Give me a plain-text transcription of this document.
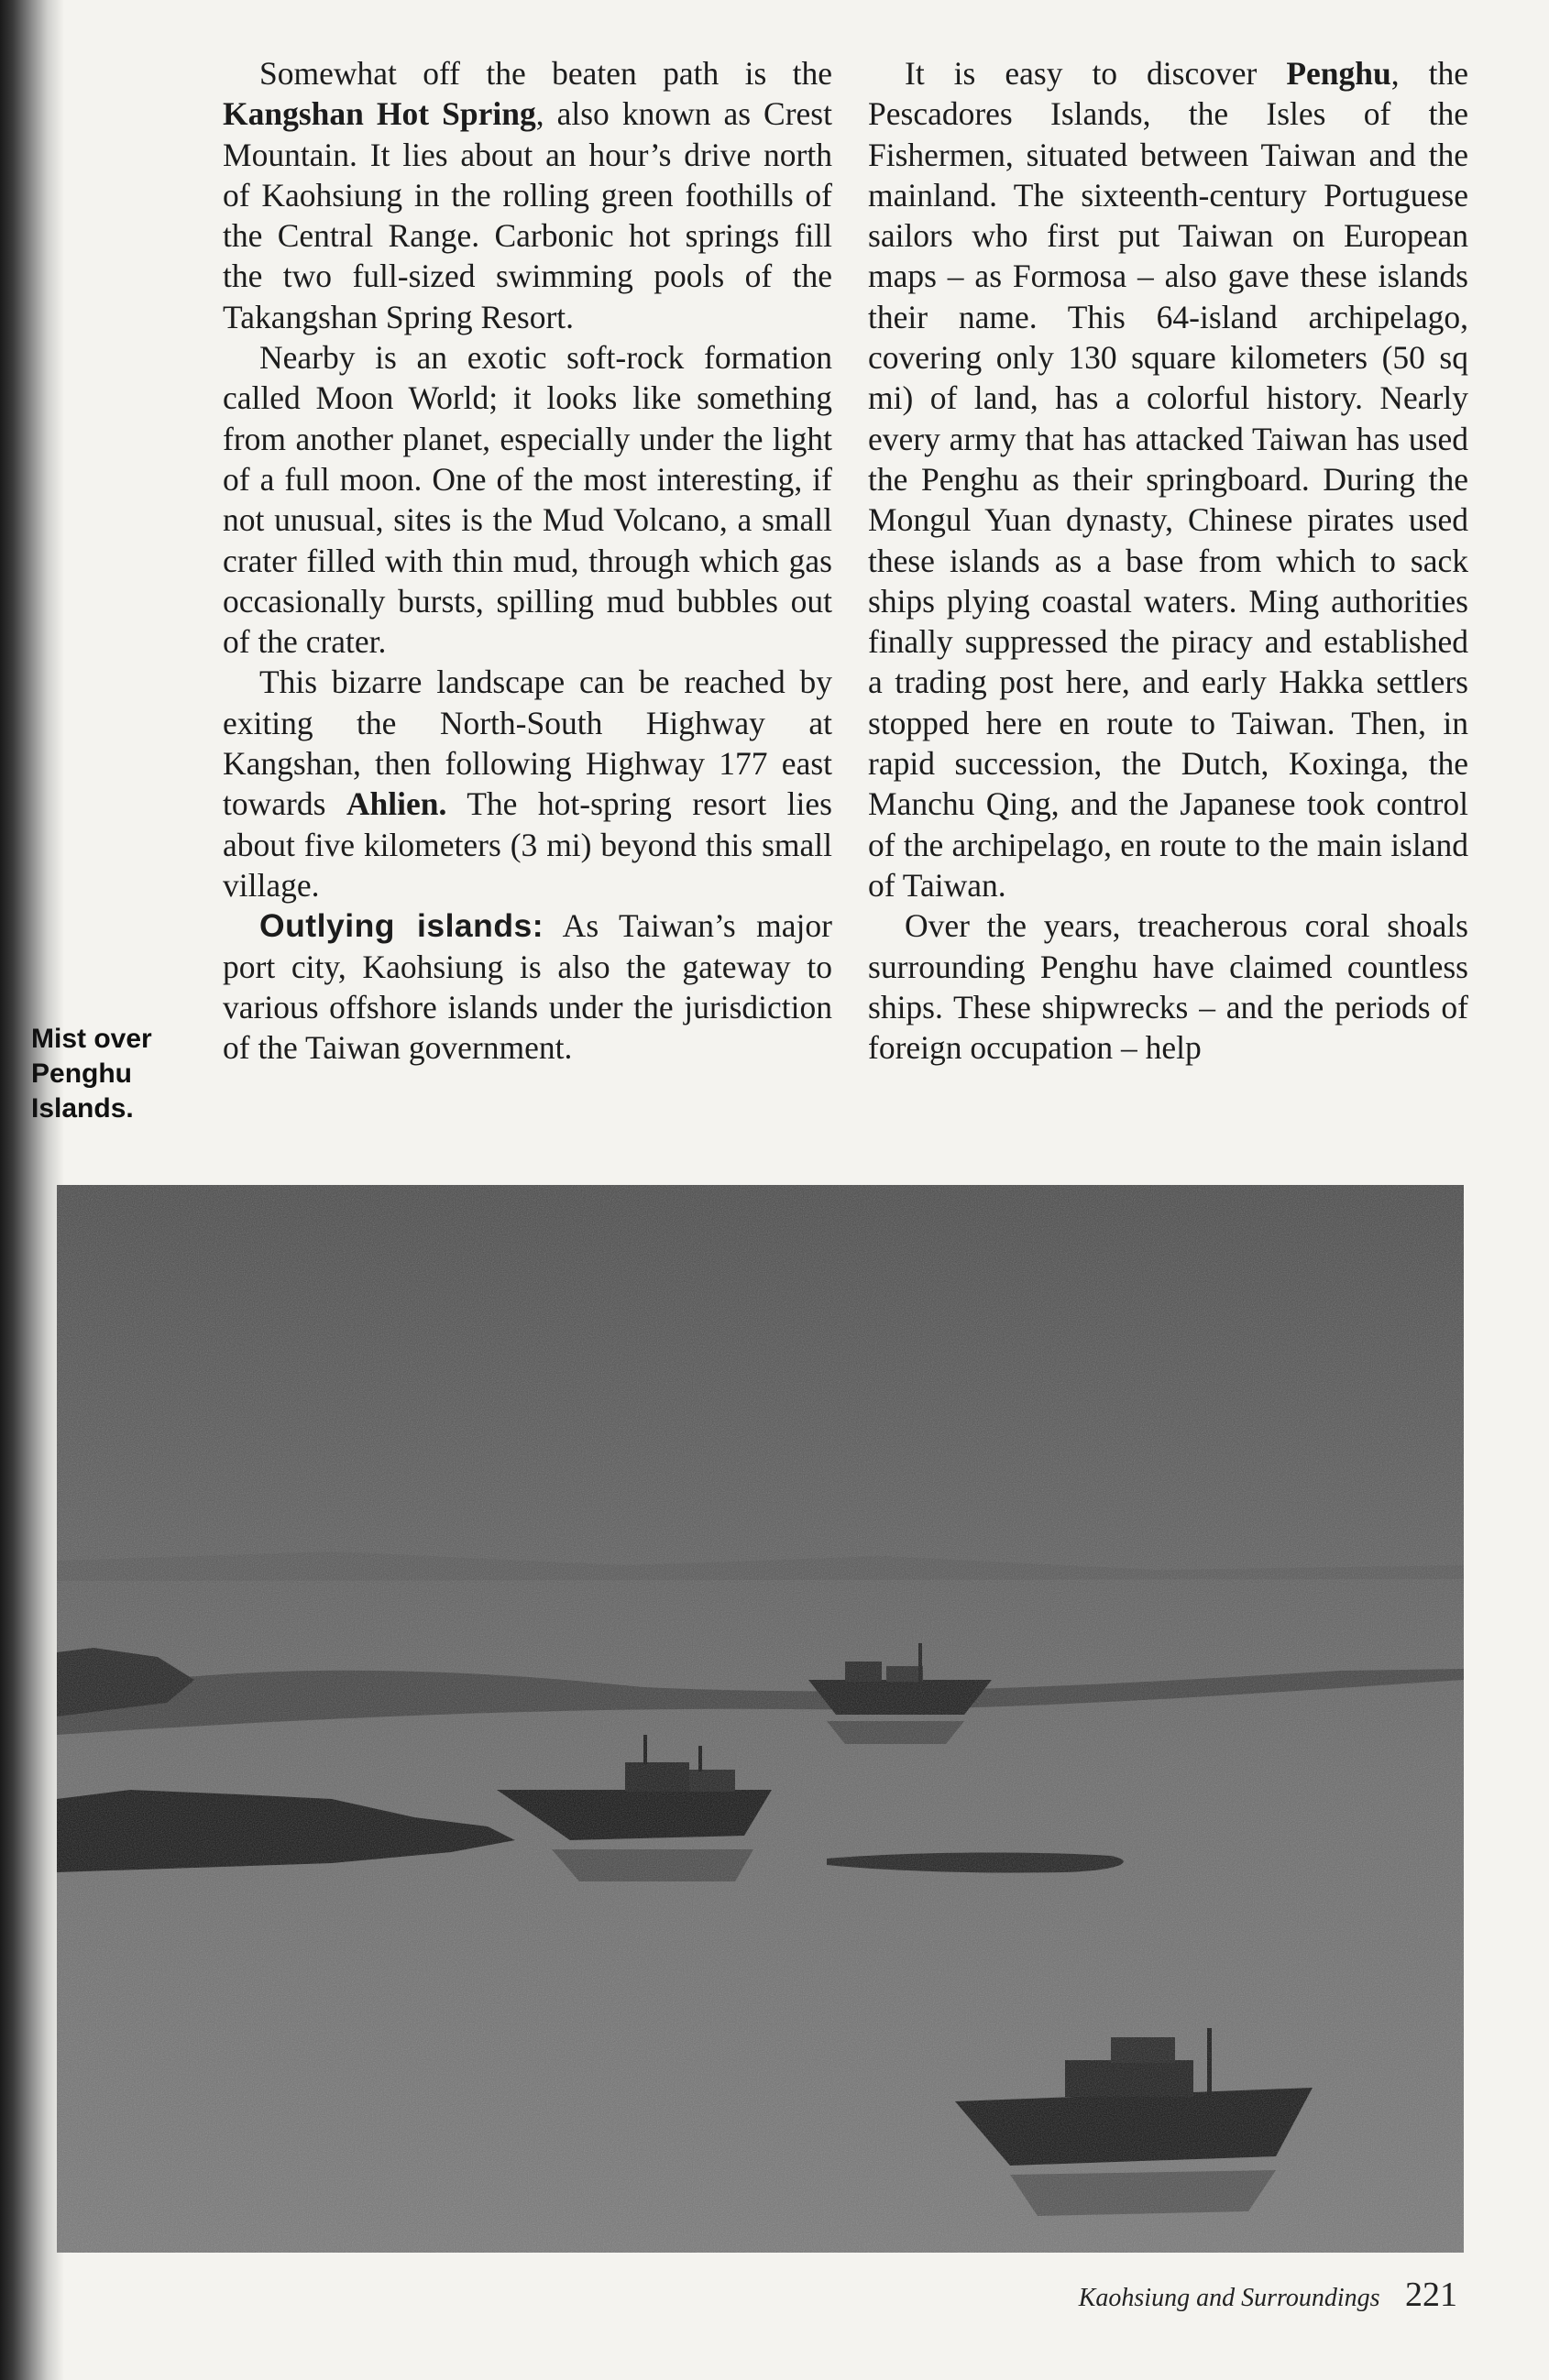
Somewhat off the beaten path is the Kangshan Hot Spring, also known as Crest Mountain. It lies about an hour’s drive north of Kaohsiung in the rolling green foothills of the Central Range. Carbonic hot springs fill the two full-sized swimming pools of the Takangshan Spring Resort.

Nearby is an exotic soft-rock formation called Moon World; it looks like something from another planet, especially under the light of a full moon. One of the most interesting, if not unusual, sites is the Mud Volcano, a small crater filled with thin mud, through which gas occasionally bursts, spilling mud bubbles out of the crater.

This bizarre landscape can be reached by exiting the North-South Highway at Kangshan, then following Highway 177 east towards Ahlien. The hot-spring resort lies about five kilometers (3 mi) beyond this small village.

Outlying islands: As Taiwan’s major port city, Kaohsiung is also the gateway to various offshore islands under the jurisdiction of the Taiwan government.

It is easy to discover Penghu, the Pescadores Islands, the Isles of the Fishermen, situated between Taiwan and the mainland. The sixteenth-century Portuguese sailors who first put Taiwan on European maps – as Formosa – also gave these islands their name. This 64-island archipelago, covering only 130 square kilometers (50 sq mi) of land, has a colorful history. Nearly every army that has attacked Taiwan has used the Penghu as their springboard. During the Mongul Yuan dynasty, Chinese pirates used these islands as a base from which to sack ships plying coastal waters. Ming authorities finally suppressed the piracy and established a trading post here, and early Hakka settlers stopped here en route to Taiwan. Then, in rapid succession, the Dutch, Koxinga, the Manchu Qing, and the Japanese took control of the archipelago, en route to the main island of Taiwan.

Over the years, treacherous coral shoals surrounding Penghu have claimed countless ships. These shipwrecks – and the periods of foreign occupation – help

Mist over
Penghu
Islands.
Kaohsiung and Surroundings 221
